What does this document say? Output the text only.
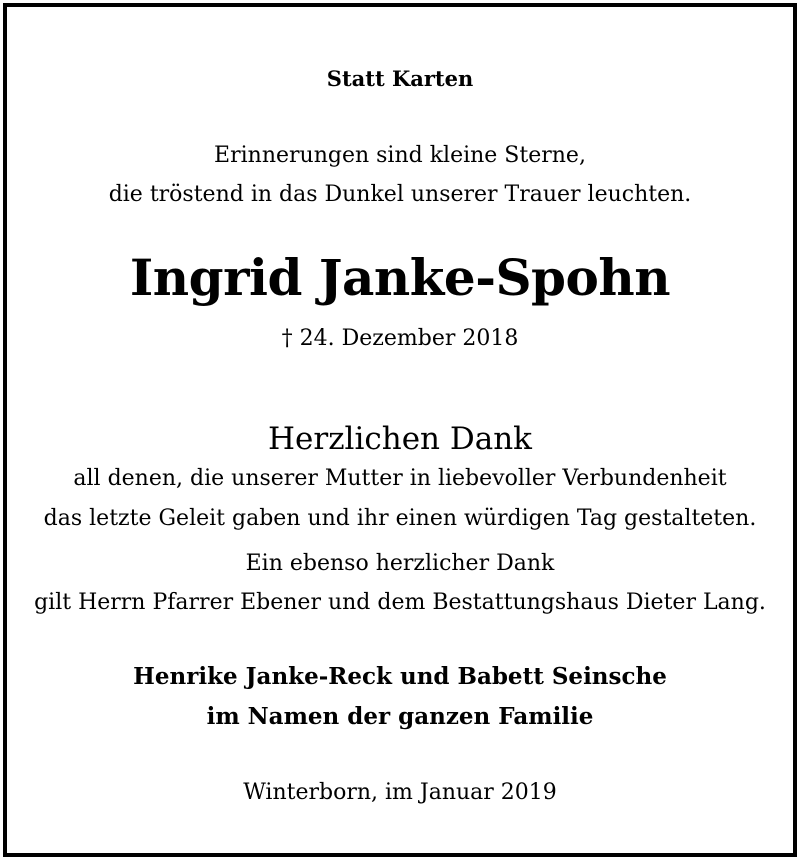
Statt Karten
Erinnerungen sind kleine Sterne,
die tröstend in das Dunkel unserer Trauer leuchten.
Ingrid Janke-Spohn
† 24. Dezember 2018
Herzlichen Dank
all denen, die unserer Mutter in liebevoller Verbundenheit
das letzte Geleit gaben und ihr einen würdigen Tag gestalteten.
Ein ebenso herzlicher Dank
gilt Herrn Pfarrer Ebener und dem Bestattungshaus Dieter Lang.
Henrike Janke-Reck und Babett Seinsche
im Namen der ganzen Familie
Winterborn, im Januar 2019
